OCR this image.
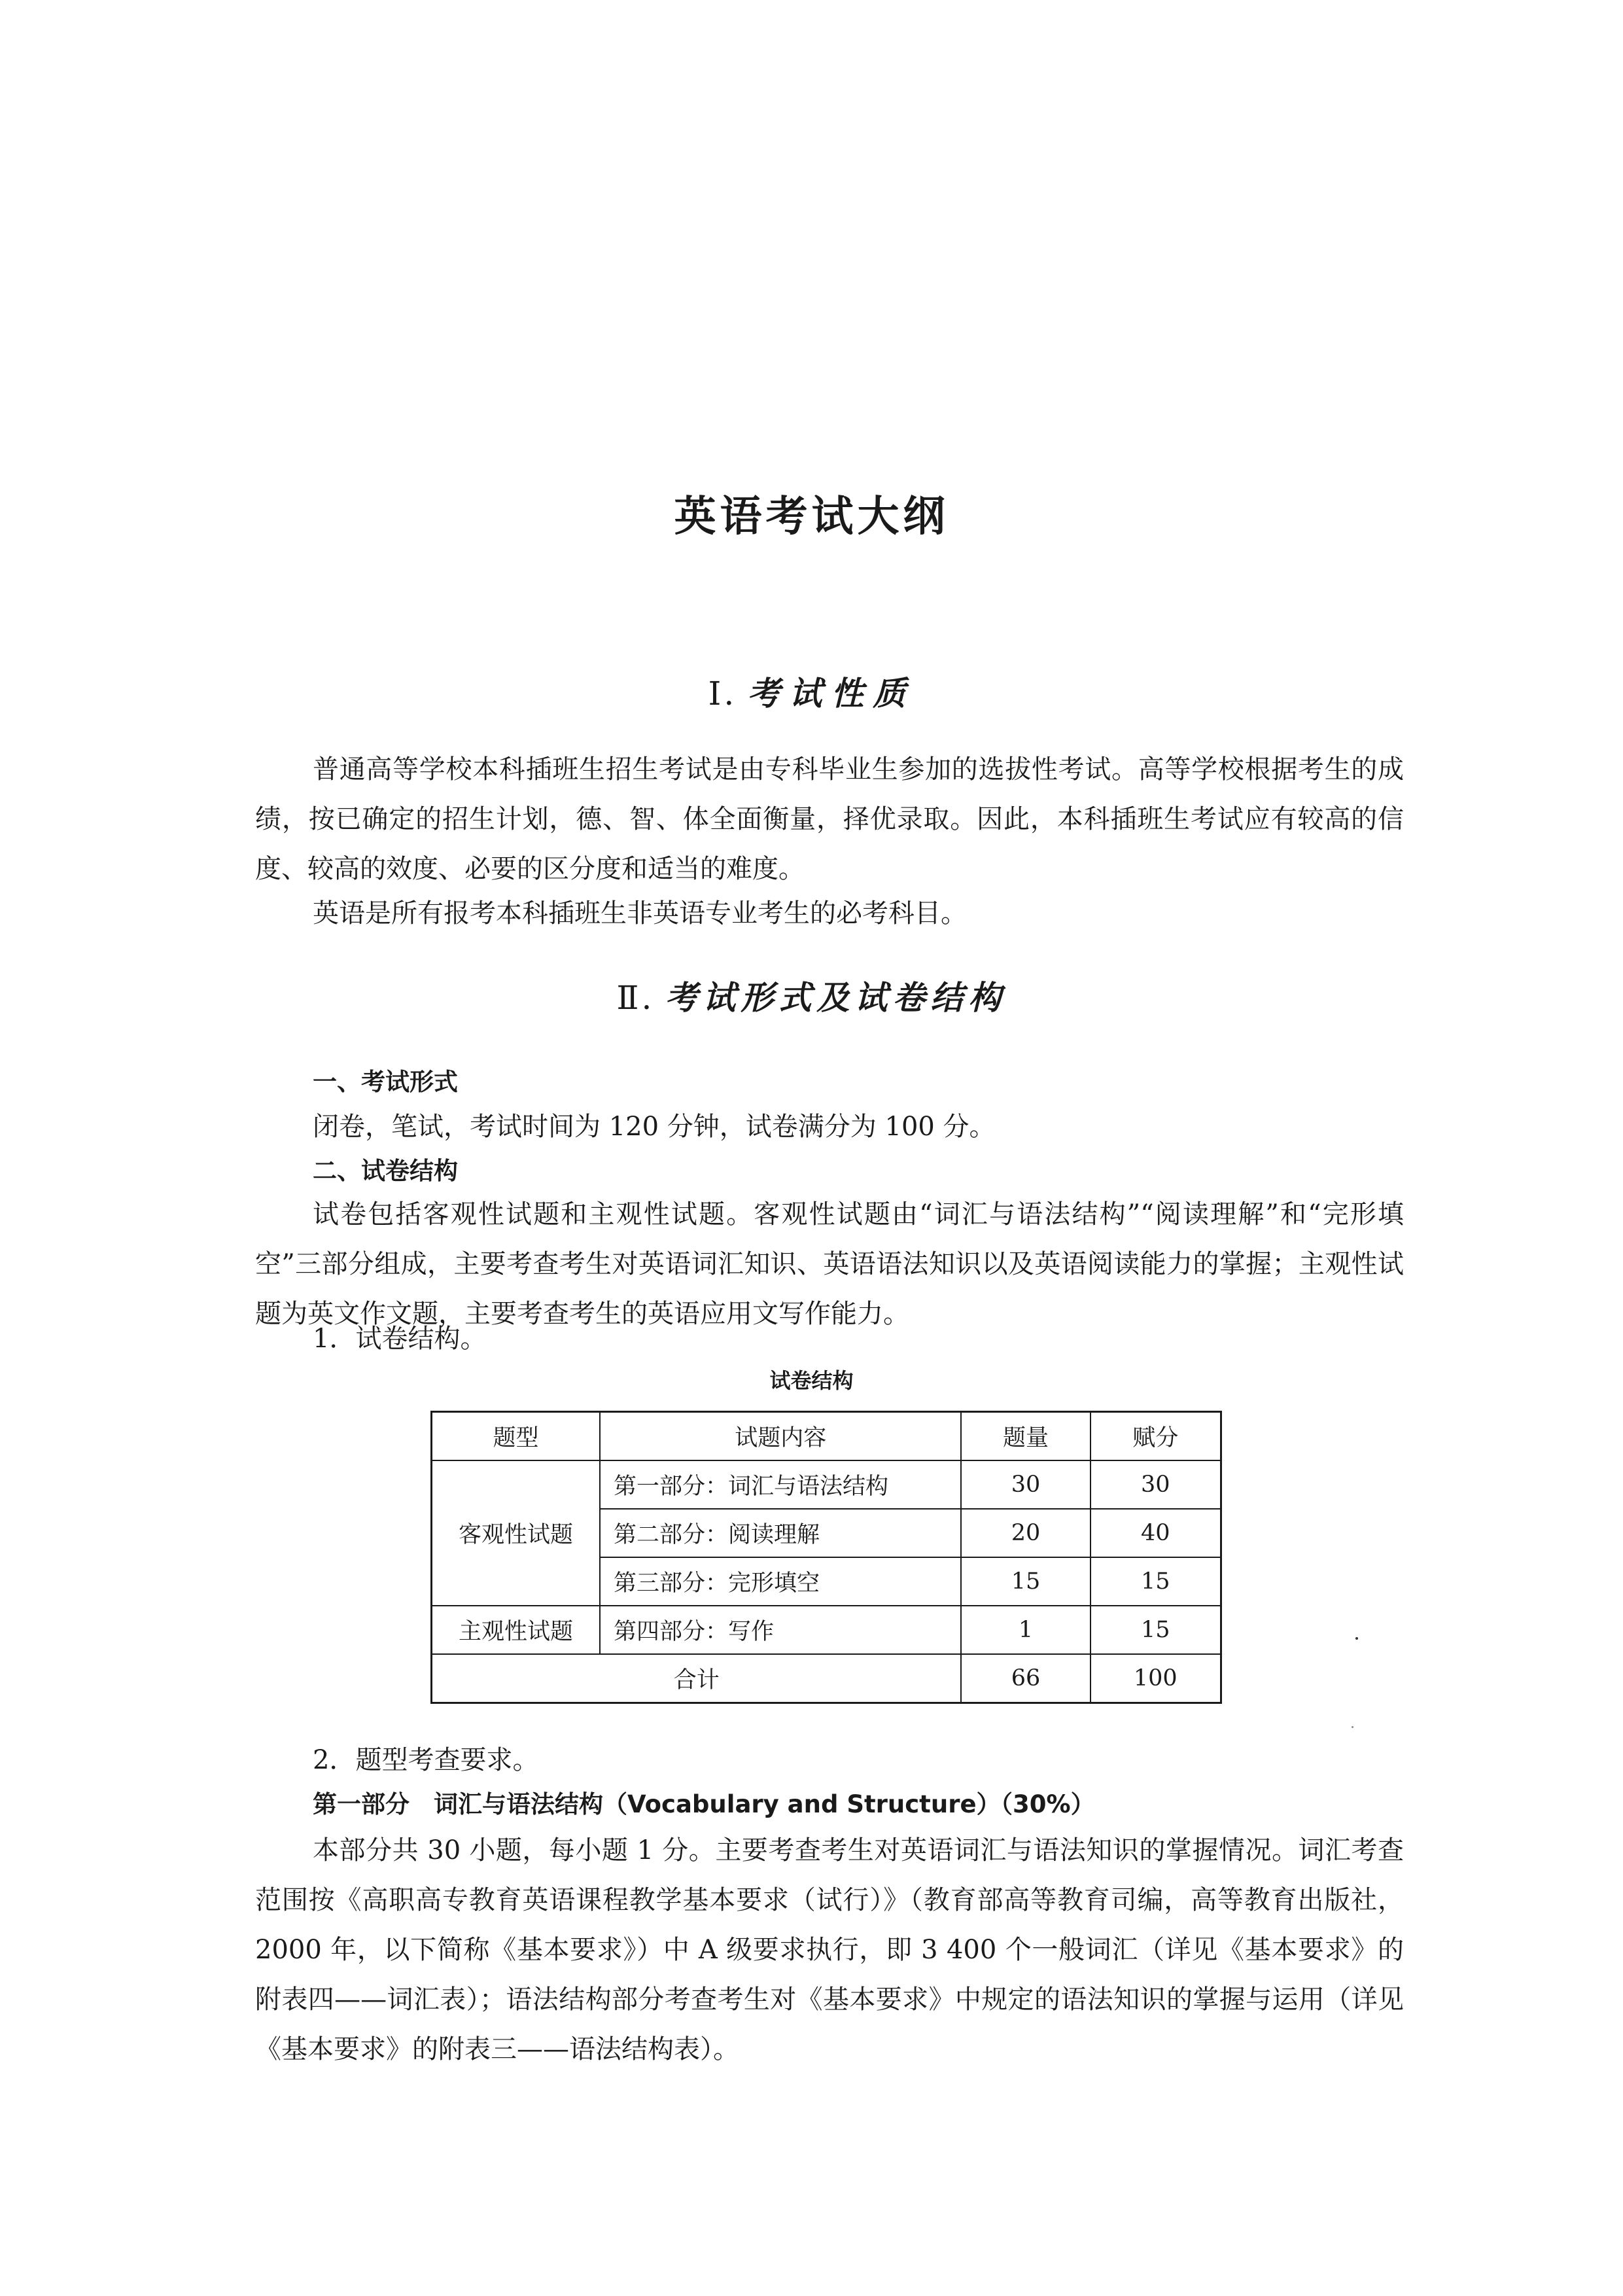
英语考试大纲
Ⅰ. 考试性质

普通高等学校本科插班生招生考试是由专科毕业生参加的选拔性考试。高等学校根据考生的成绩，按已确定的招生计划，德、智、体全面衡量，择优录取。因此，本科插班生考试应有较高的信度、较高的效度、必要的区分度和适当的难度。

英语是所有报考本科插班生非英语专业考生的必考科目。

Ⅱ. 考试形式及试卷结构

一、考试形式

闭卷，笔试，考试时间为 120 分钟，试卷满分为 100 分。

二、试卷结构

试卷包括客观性试题和主观性试题。客观性试题由“词汇与语法结构”“阅读理解”和“完形填空”三部分组成，主要考查考生对英语词汇知识、英语语法知识以及英语阅读能力的掌握；主观性试题为英文作文题，主要考查考生的英语应用文写作能力。

1．试卷结构。

试卷结构

题型	试题内容	题量	赋分
客观性试题	第一部分：词汇与语法结构	30	30
	第二部分：阅读理解	20	40
	第三部分：完形填空	15	15
主观性试题	第四部分：写作	1	15
合计		66	100

2．题型考查要求。

第一部分　词汇与语法结构（Vocabulary and Structure）（30%）

本部分共 30 小题，每小题 1 分。主要考查考生对英语词汇与语法知识的掌握情况。词汇考查范围按《高职高专教育英语课程教学基本要求（试行）》（教育部高等教育司编，高等教育出版社，2000 年，以下简称《基本要求》）中 A 级要求执行，即 3 400 个一般词汇（详见《基本要求》的附表四——词汇表）；语法结构部分考查考生对《基本要求》中规定的语法知识的掌握与运用（详见《基本要求》的附表三——语法结构表）。
